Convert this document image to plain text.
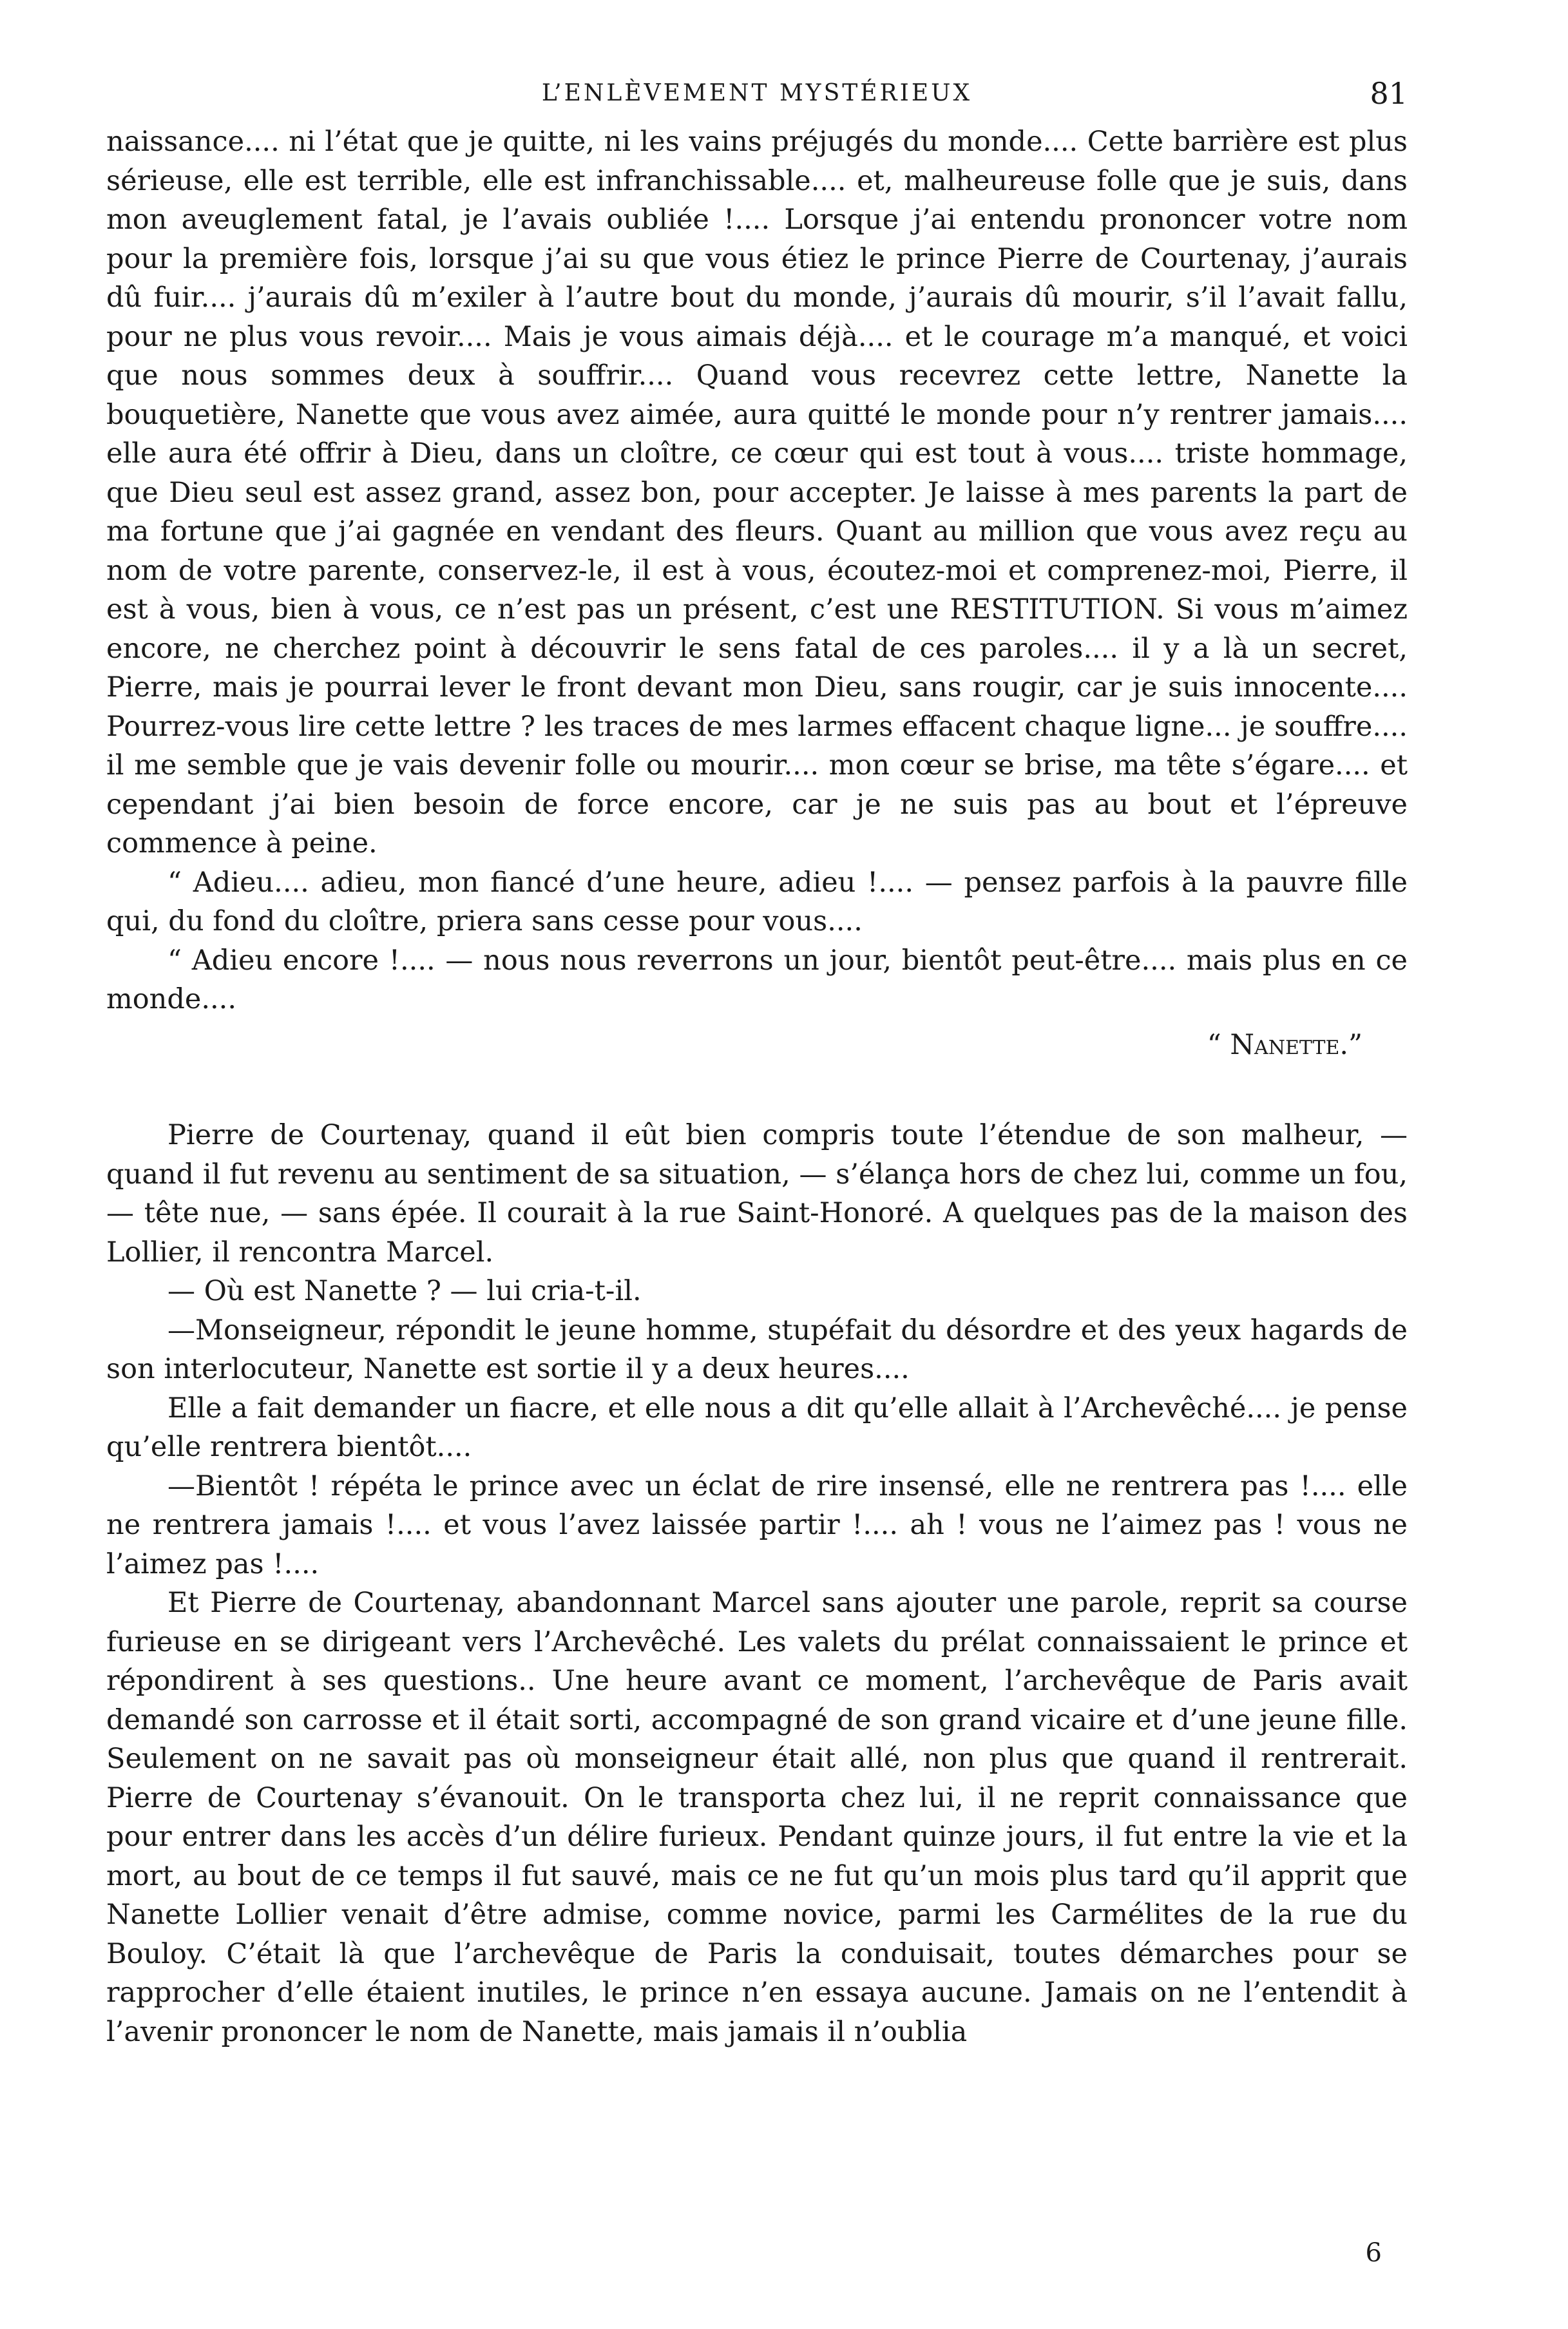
L’ENLÈVEMENT MYSTÉRIEUX	81

naissance.... ni l’état que je quitte, ni les vains préjugés du monde.... Cette barrière est plus sérieuse, elle est terrible, elle est infranchissable.... et, malheureuse folle que je suis, dans mon aveuglement fatal, je l’avais oubliée !.... Lorsque j’ai entendu prononcer votre nom pour la première fois, lorsque j’ai su que vous étiez le prince Pierre de Courtenay, j’aurais dû fuir.... j’aurais dû m’exiler à l’autre bout du monde, j’aurais dû mourir, s’il l’avait fallu, pour ne plus vous revoir.... Mais je vous aimais déjà.... et le courage m’a manqué, et voici que nous sommes deux à souffrir.... Quand vous recevrez cette lettre, Nanette la bouquetière, Nanette que vous avez aimée, aura quitté le monde pour n’y rentrer jamais.... elle aura été offrir à Dieu, dans un cloître, ce cœur qui est tout à vous.... triste hommage, que Dieu seul est assez grand, assez bon, pour accepter. Je laisse à mes parents la part de ma fortune que j’ai gagnée en vendant des fleurs. Quant au million que vous avez reçu au nom de votre parente, conservez-le, il est à vous, écoutez-moi et comprenez-moi, Pierre, il est à vous, bien à vous, ce n’est pas un présent, c’est une RESTITUTION. Si vous m’aimez encore, ne cherchez point à découvrir le sens fatal de ces paroles.... il y a là un secret, Pierre, mais je pourrai lever le front devant mon Dieu, sans rougir, car je suis innocente.... Pourrez-vous lire cette lettre ? les traces de mes larmes effacent chaque ligne... je souffre.... il me semble que je vais devenir folle ou mourir.... mon cœur se brise, ma tête s’égare.... et cependant j’ai bien besoin de force encore, car je ne suis pas au bout et l’épreuve commence à peine.

“ Adieu.... adieu, mon fiancé d’une heure, adieu !.... — pensez parfois à la pauvre fille qui, du fond du cloître, priera sans cesse pour vous....

“ Adieu encore !.... — nous nous reverrons un jour, bientôt peut-être.... mais plus en ce monde....

“ Nanette.”

Pierre de Courtenay, quand il eût bien compris toute l’étendue de son malheur, — quand il fut revenu au sentiment de sa situation, — s’élança hors de chez lui, comme un fou, — tête nue, — sans épée. Il courait à la rue Saint-Honoré. A quelques pas de la maison des Lollier, il rencontra Marcel.

— Où est Nanette ? — lui cria-t-il.

—Monseigneur, répondit le jeune homme, stupéfait du désordre et des yeux hagards de son interlocuteur, Nanette est sortie il y a deux heures....

Elle a fait demander un fiacre, et elle nous a dit qu’elle allait à l’Archevêché.... je pense qu’elle rentrera bientôt....

—Bientôt ! répéta le prince avec un éclat de rire insensé, elle ne rentrera pas !.... elle ne rentrera jamais !.... et vous l’avez laissée partir !.... ah ! vous ne l’aimez pas ! vous ne l’aimez pas !....

Et Pierre de Courtenay, abandonnant Marcel sans ajouter une parole, reprit sa course furieuse en se dirigeant vers l’Archevêché. Les valets du prélat connaissaient le prince et répondirent à ses questions.. Une heure avant ce moment, l’archevêque de Paris avait demandé son carrosse et il était sorti, accompagné de son grand vicaire et d’une jeune fille. Seulement on ne savait pas où monseigneur était allé, non plus que quand il rentrerait. Pierre de Courtenay s’évanouit. On le transporta chez lui, il ne reprit connaissance que pour entrer dans les accès d’un délire furieux. Pendant quinze jours, il fut entre la vie et la mort, au bout de ce temps il fut sauvé, mais ce ne fut qu’un mois plus tard qu’il apprit que Nanette Lollier venait d’être admise, comme novice, parmi les Carmélites de la rue du Bouloy. C’était là que l’archevêque de Paris la conduisait, toutes démarches pour se rapprocher d’elle étaient inutiles, le prince n’en essaya aucune. Jamais on ne l’entendit à l’avenir prononcer le nom de Nanette, mais jamais il n’oublia

6
